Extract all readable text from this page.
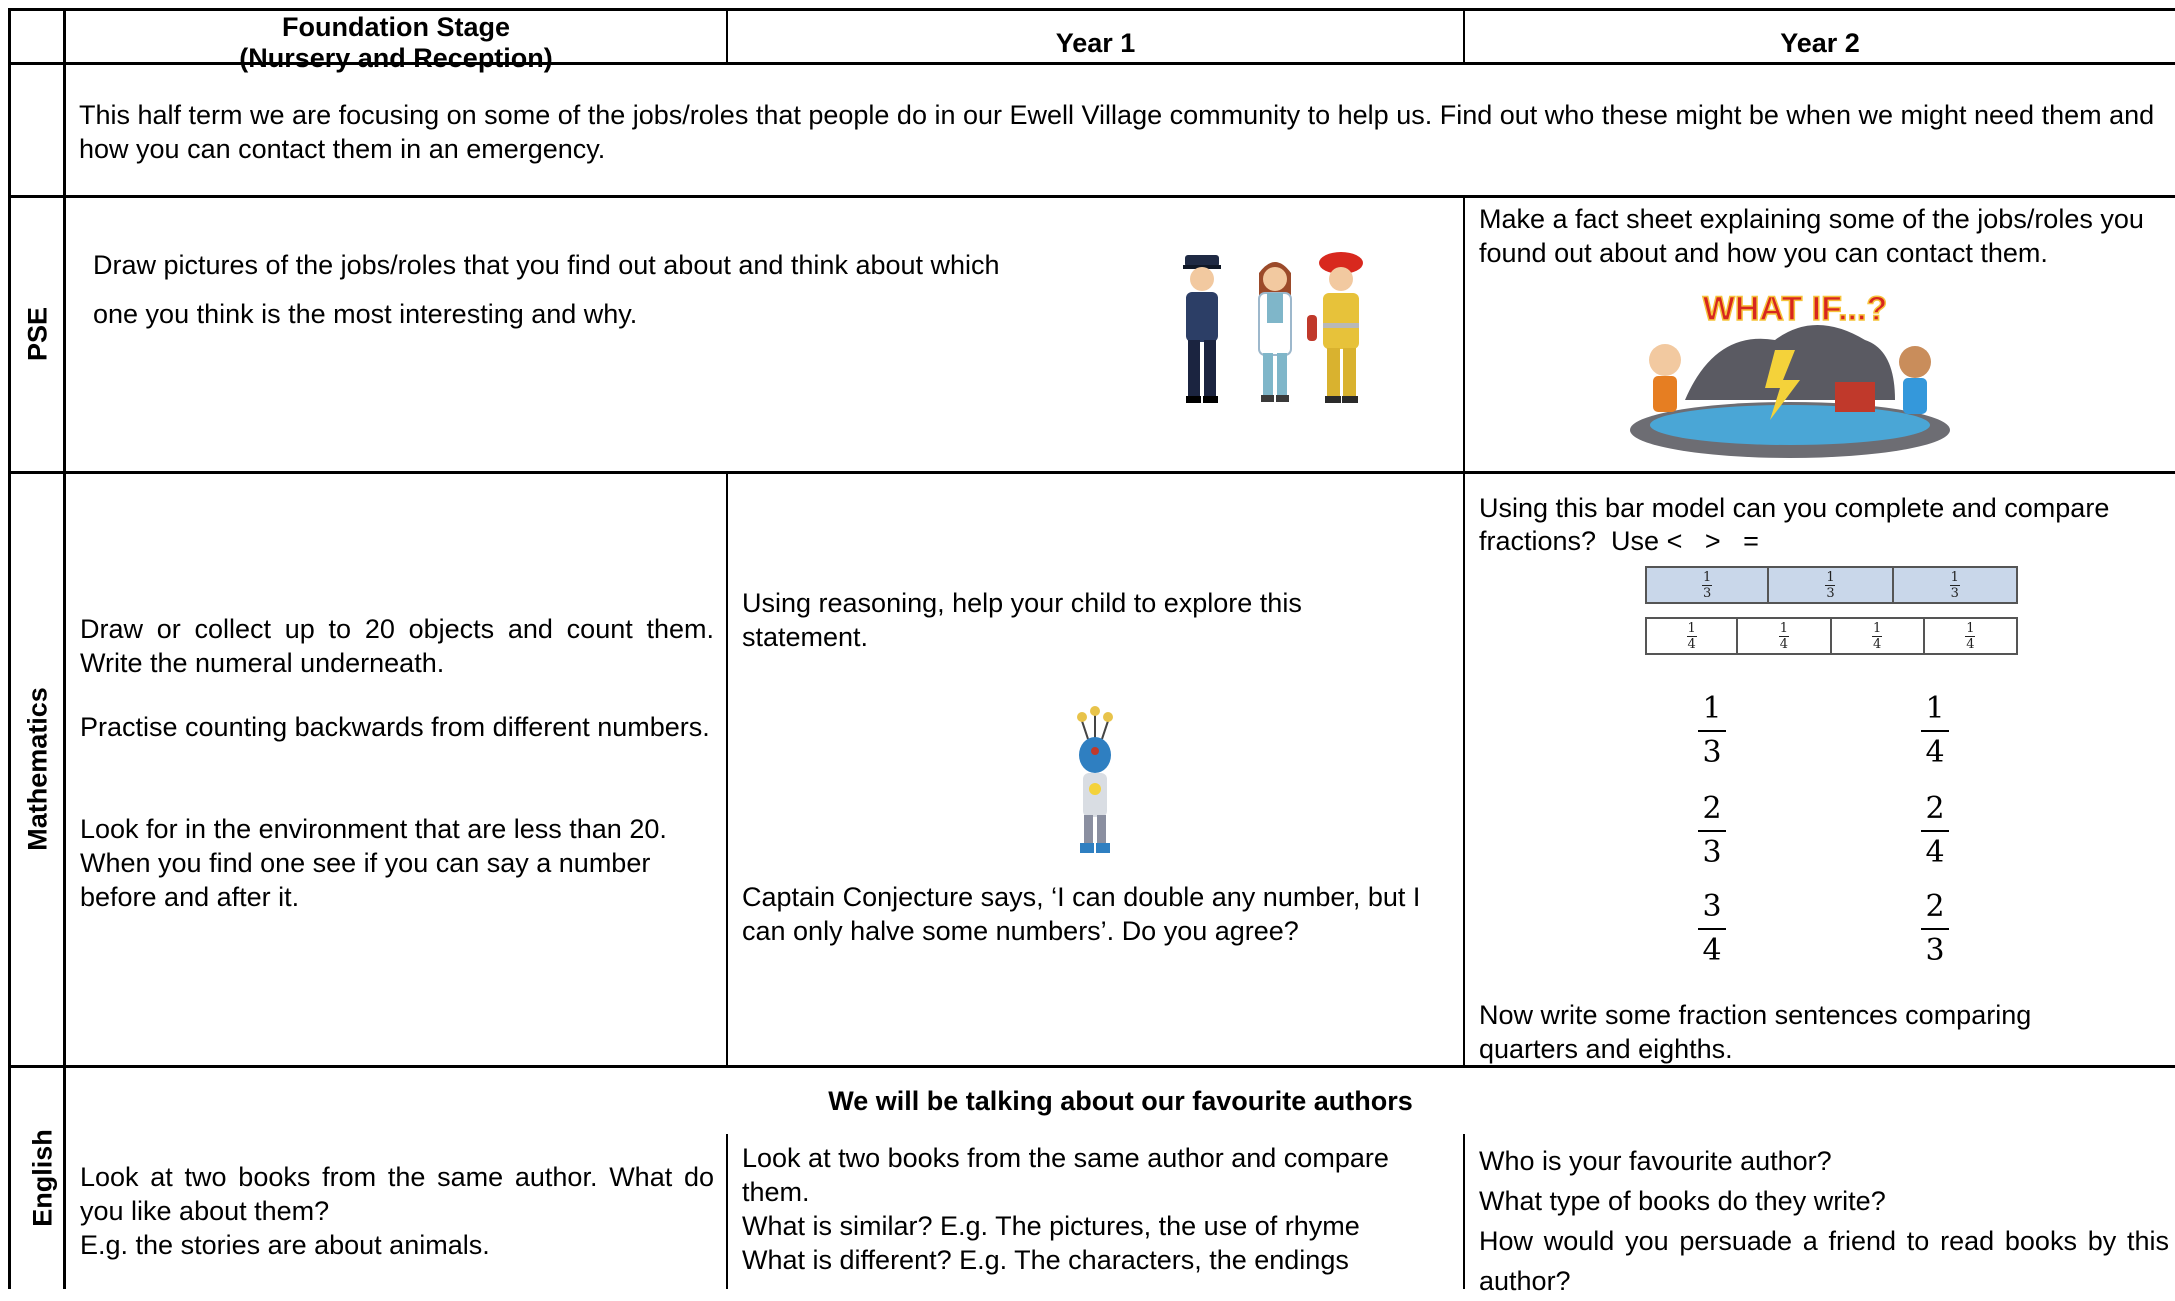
Foundation Stage
(Nursery and Reception)	Year 1	Year 2
This half term we are focusing on some of the jobs/roles that people do in our Ewell Village community to help us. Find out who these might be when we might need them and how you can contact them in an emergency.
PSE
Draw pictures of the jobs/roles that you find out about and think about which
one you think is the most interesting and why.
Make a fact sheet explaining some of the jobs/roles you found out about and how you can contact them.
WHAT IF...?
Mathematics
Draw or collect up to 20 objects and count them. Write the numeral underneath.
Practise counting backwards from different numbers.
Look for in the environment that are less than 20. When you find one see if you can say a number before and after it.
Using reasoning, help your child to explore this statement.
Captain Conjecture says, ‘I can double any number, but I can only halve some numbers’. Do you agree?
Using this bar model can you complete and compare
fractions?  Use <   >   =
1
3
1
3
1
3
1
4
1
4
1
4
1
4
1
3
1
4
2
3
2
4
3
4
2
3
Now write some fraction sentences comparing quarters and eighths.
English
We will be talking about our favourite authors
Look at two books from the same author. What do you like about them?
E.g. the stories are about animals.
Look at two books from the same author and compare them.
What is similar? E.g. The pictures, the use of rhyme
What is different? E.g. The characters, the endings
Who is your favourite author?
What type of books do they write?
How would you persuade a friend to read books by this author?
